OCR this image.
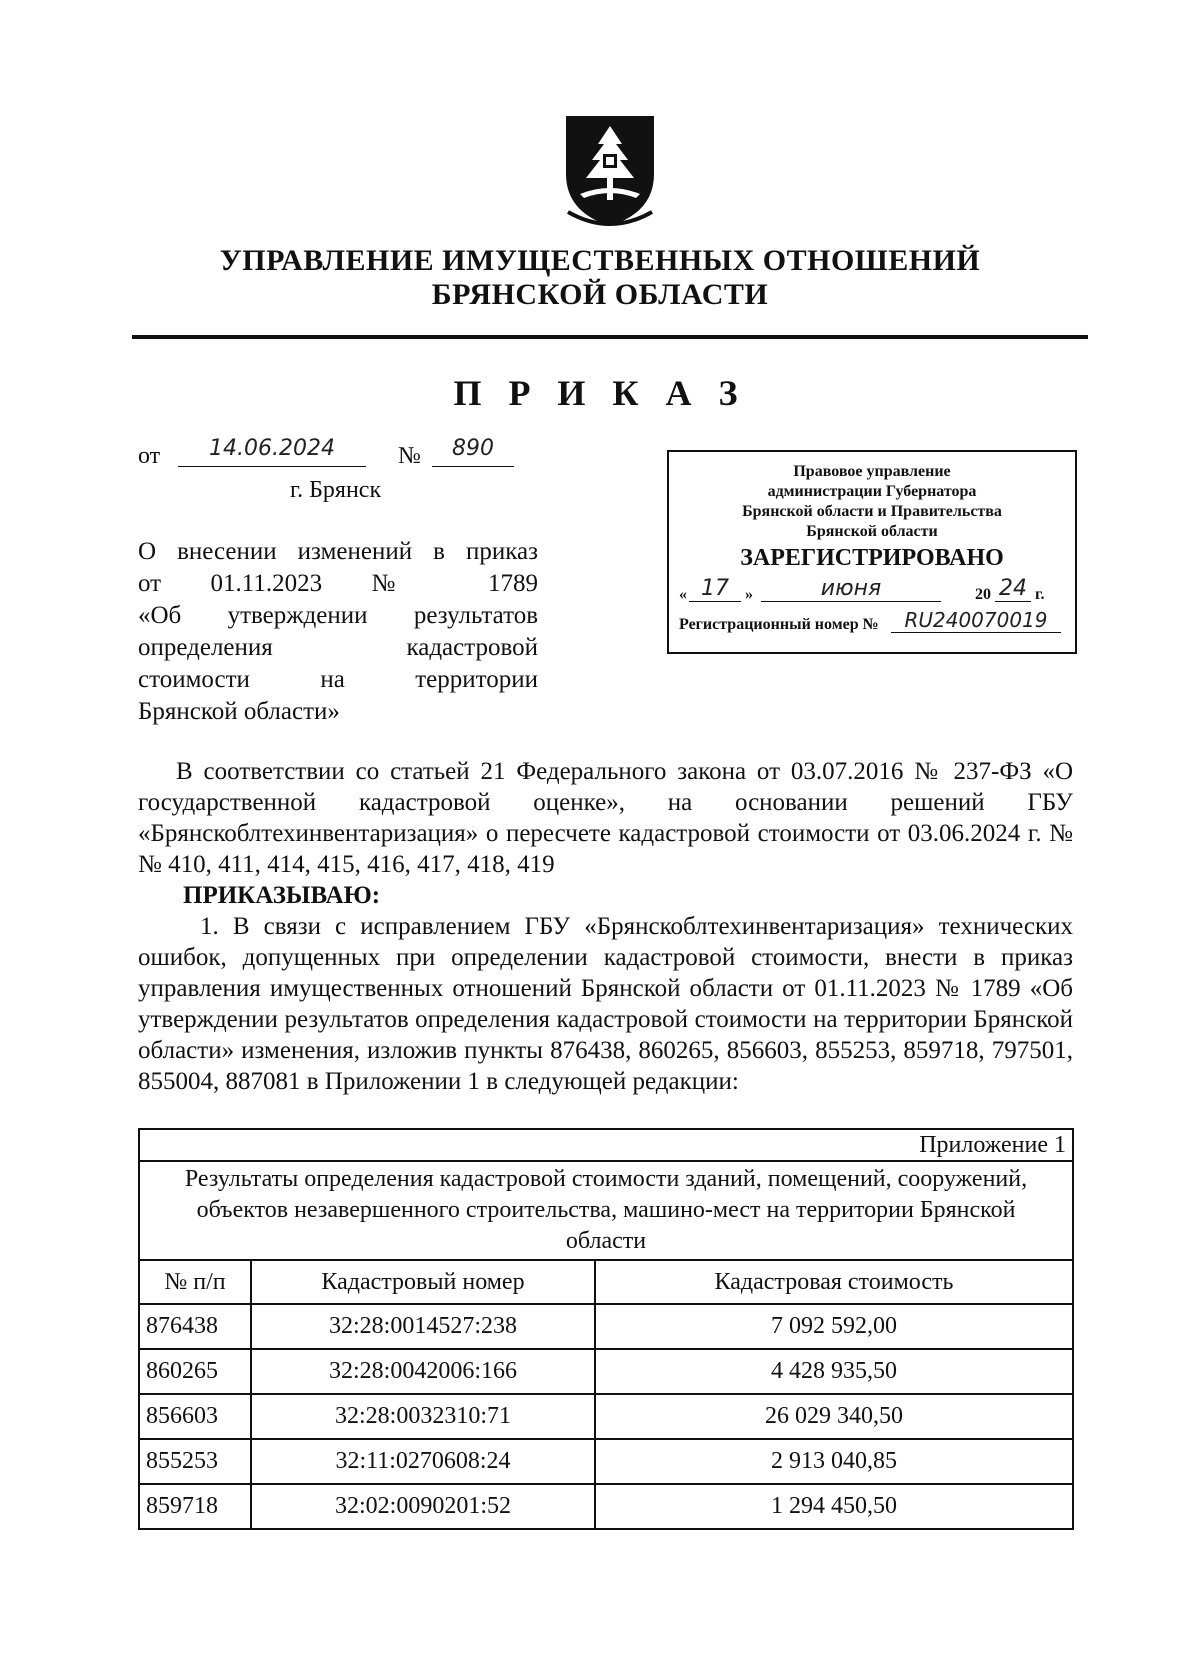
УПРАВЛЕНИЕ ИМУЩЕСТВЕННЫХ ОТНОШЕНИЙ
БРЯНСКОЙ ОБЛАСТИ
П Р И К А З
от	14.06.2024	№	890
г. Брянск
Правовое управление
администрации Губернатора
Брянской области и Правительства
Брянской области
ЗАРЕГИСТРИРОВАНО
« 17	»	июня	20 24 г.
Регистрационный номер №	RU240070019
О внесении изменений в приказ
от 01.11.2023 № 1789
«Об утверждении результатов
определения кадастровой
стоимости на территории
Брянской области»
В соответствии со статьей 21 Федерального закона от 03.07.2016 № 237-ФЗ «О государственной кадастровой оценке», на основании решений ГБУ «Брянскоблтехинвентаризация» о пересчете кадастровой стоимости от 03.06.2024 г. №№ 410, 411, 414, 415, 416, 417, 418, 419
ПРИКАЗЫВАЮ:
1. В связи с исправлением ГБУ «Брянскоблтехинвентаризация» технических ошибок, допущенных при определении кадастровой стоимости, внести в приказ управления имущественных отношений Брянской области от 01.11.2023 № 1789 «Об утверждении результатов определения кадастровой стоимости на территории Брянской области» изменения, изложив пункты 876438, 860265, 856603, 855253, 859718, 797501, 855004, 887081 в Приложении 1 в следующей редакции:
Приложение 1		
Результаты определения кадастровой стоимости зданий, помещений, сооружений, объектов незавершенного строительства, машино-мест на территории Брянской области		
№ п/п	Кадастровый номер	Кадастровая стоимость
876438	32:28:0014527:238	7 092 592,00
860265	32:28:0042006:166	4 428 935,50
856603	32:28:0032310:71	26 029 340,50
855253	32:11:0270608:24	2 913 040,85
859718	32:02:0090201:52	1 294 450,50
